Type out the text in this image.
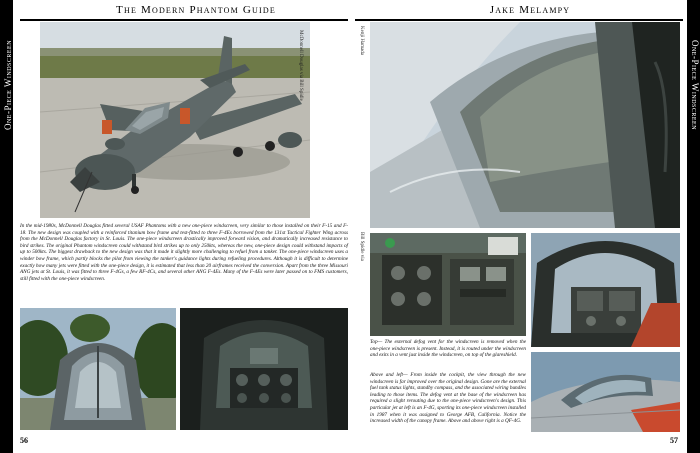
One-Piece Windscreen
The Modern Phantom Guide
McDonnell Douglas via Bill Spidle
In the mid-1980s, McDonnell Douglas fitted several USAF Phantoms with a new one-piece windscreen, very similar to those installed on their F-15 and F-18. The new design was coupled with a reinforced titanium bow frame and test-fitted to three F-4Es borrowed from the 131st Tactical Fighter Wing across from the McDonnell Douglas factory in St. Louis. The one-piece windscreen drastically improved forward vision, and dramatically increased resistance to bird strikes. The original Phantom windscreen could withstand bird strikes up to only 250kts, whereas the new, one-piece design could withstand impacts of up to 500kts. The biggest drawback to the new design was that it made it slightly more challenging to refuel from a tanker. The one-piece windscreen uses a winder bow frame, which partly blocks the pilot from viewing the tanker's guidance lights during refueling procedures. Although it is difficult to determine exactly how many jets were fitted with the one-piece design, it is estimated that less than 20 airframes received the conversion. Apart from the three Missouri ANG jets at St. Louis, it was fitted to three F-4Gs, a few RF-4Cs, and several other ANG F-4Es. Many of the F-4Es were later passed on to FMS customers, still fitted with the one-piece windscreen.
56
One-Piece Windscreen
Jake Melampy
Kenji Hamada
Bill Spidle via
Top— The external defog vent for the windscreen is removed when the one-piece windscreen is present. Instead, it is routed under the windscreen and exits in a vent just inside the windscreen, on top of the glareshield.
Above and left— From inside the cockpit, the view through the new windscreen is far improved over the original design. Gone are the external fuel tank status lights, standby compass, and the associated wiring bundles leading to those items. The defog vent at the base of the windscreen has required a slight rerouting due to the one-piece windscreen's design. This particular jet at left is an F-4G, sporting its one-piece windscreen installed in 1987 when it was assigned to George AFB, California. Notice the increased width of the canopy frame. Above and above right is a QF-4G.
57
